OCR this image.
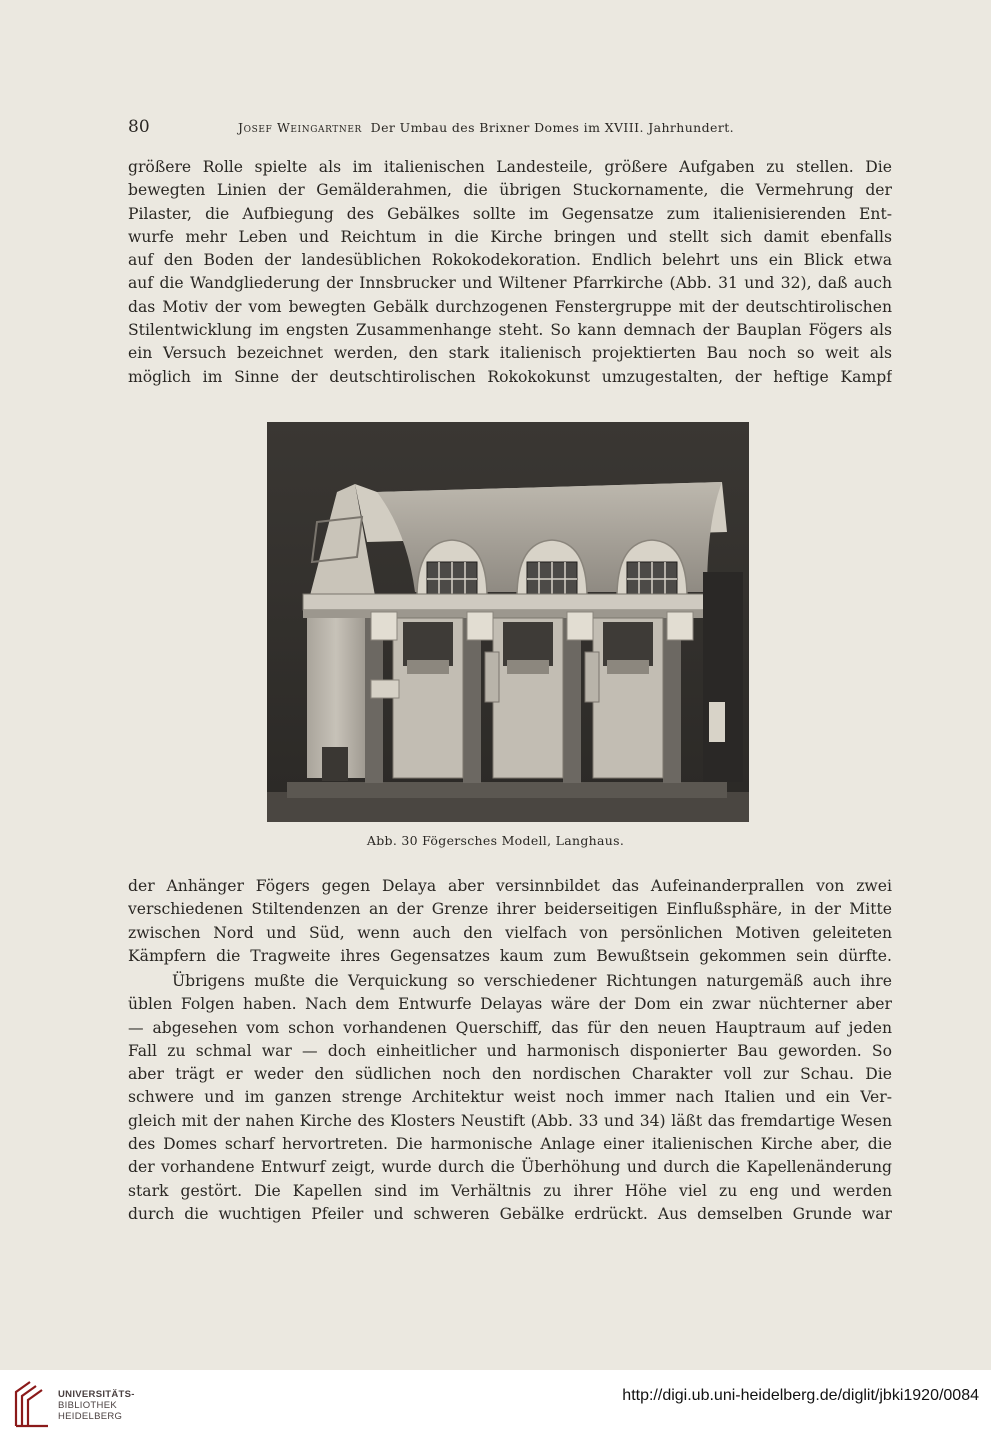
80	Josef Weingartner Der Umbau des Brixner Domes im XVIII. Jahrhundert.
größere Rolle spielte als im italienischen Landesteile, größere Aufgaben zu stellen. Die
bewegten Linien der Gemälderahmen, die übrigen Stuckornamente, die Vermehrung der
Pilaster, die Aufbiegung des Gebälkes sollte im Gegensatze zum italienisierenden Ent-
wurfe mehr Leben und Reichtum in die Kirche bringen und stellt sich damit ebenfalls
auf den Boden der landesüblichen Rokokodekoration. Endlich belehrt uns ein Blick etwa
auf die Wandgliederung der Innsbrucker und Wiltener Pfarrkirche (Abb. 31 und 32), daß auch
das Motiv der vom bewegten Gebälk durchzogenen Fenstergruppe mit der deutschtirolischen
Stilentwicklung im engsten Zusammenhange steht. So kann demnach der Bauplan Fögers als
ein Versuch bezeichnet werden, den stark italienisch projektierten Bau noch so weit als
möglich im Sinne der deutschtirolischen Rokokokunst umzugestalten, der heftige Kampf
Abb. 30 Fögersches Modell, Langhaus.
der Anhänger Fögers gegen Delaya aber versinnbildet das Aufeinanderprallen von zwei
verschiedenen Stiltendenzen an der Grenze ihrer beiderseitigen Einflußsphäre, in der Mitte
zwischen Nord und Süd, wenn auch den vielfach von persönlichen Motiven geleiteten
Kämpfern die Tragweite ihres Gegensatzes kaum zum Bewußtsein gekommen sein dürfte.
Übrigens mußte die Verquickung so verschiedener Richtungen naturgemäß auch ihre
üblen Folgen haben. Nach dem Entwurfe Delayas wäre der Dom ein zwar nüchterner aber
— abgesehen vom schon vorhandenen Querschiff, das für den neuen Hauptraum auf jeden
Fall zu schmal war — doch einheitlicher und harmonisch disponierter Bau geworden. So
aber trägt er weder den südlichen noch den nordischen Charakter voll zur Schau. Die
schwere und im ganzen strenge Architektur weist noch immer nach Italien und ein Ver-
gleich mit der nahen Kirche des Klosters Neustift (Abb. 33 und 34) läßt das fremdartige Wesen
des Domes scharf hervortreten. Die harmonische Anlage einer italienischen Kirche aber, die
der vorhandene Entwurf zeigt, wurde durch die Überhöhung und durch die Kapellenänderung
stark gestört. Die Kapellen sind im Verhältnis zu ihrer Höhe viel zu eng und werden
durch die wuchtigen Pfeiler und schweren Gebälke erdrückt. Aus demselben Grunde war
UNIVERSITÄTS-
BIBLIOTHEK
HEIDELBERG
http://digi.ub.uni-heidelberg.de/diglit/jbki1920/0084
